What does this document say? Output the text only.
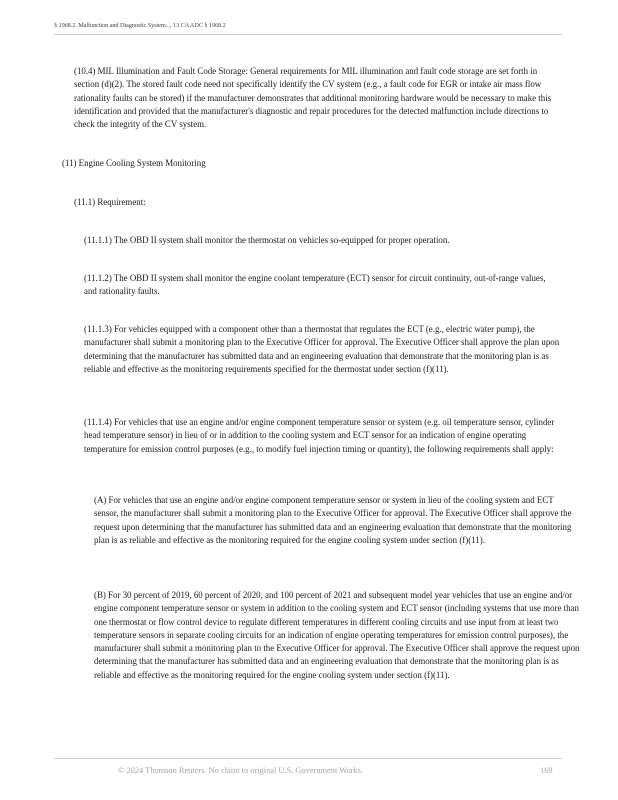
§ 1968.2. Malfunction and Diagnostic System..., 13 CA ADC § 1968.2

(10.4) MIL Illumination and Fault Code Storage: General requirements for MIL illumination and fault code storage are set forth in section (d)(2). The stored fault code need not specifically identify the CV system (e.g., a fault code for EGR or intake air mass flow rationality faults can be stored) if the manufacturer demonstrates that additional monitoring hardware would be necessary to make this identification and provided that the manufacturer's diagnostic and repair procedures for the detected malfunction include directions to check the integrity of the CV system.

(11) Engine Cooling System Monitoring

(11.1) Requirement:

(11.1.1) The OBD II system shall monitor the thermostat on vehicles so-equipped for proper operation.

(11.1.2) The OBD II system shall monitor the engine coolant temperature (ECT) sensor for circuit continuity, out-of-range values, and rationality faults.

(11.1.3) For vehicles equipped with a component other than a thermostat that regulates the ECT (e.g., electric water pump), the manufacturer shall submit a monitoring plan to the Executive Officer for approval. The Executive Officer shall approve the plan upon determining that the manufacturer has submitted data and an engineering evaluation that demonstrate that the monitoring plan is as reliable and effective as the monitoring requirements specified for the thermostat under section (f)(11).

(11.1.4) For vehicles that use an engine and/or engine component temperature sensor or system (e.g. oil temperature sensor, cylinder head temperature sensor) in lieu of or in addition to the cooling system and ECT sensor for an indication of engine operating temperature for emission control purposes (e.g., to modify fuel injection timing or quantity), the following requirements shall apply:

(A) For vehicles that use an engine and/or engine component temperature sensor or system in lieu of the cooling system and ECT sensor, the manufacturer shall submit a monitoring plan to the Executive Officer for approval. The Executive Officer shall approve the request upon determining that the manufacturer has submitted data and an engineering evaluation that demonstrate that the monitoring plan is as reliable and effective as the monitoring required for the engine cooling system under section (f)(11).

(B) For 30 percent of 2019, 60 percent of 2020, and 100 percent of 2021 and subsequent model year vehicles that use an engine and/or engine component temperature sensor or system in addition to the cooling system and ECT sensor (including systems that use more than one thermostat or flow control device to regulate different temperatures in different cooling circuits and use input from at least two temperature sensors in separate cooling circuits for an indication of engine operating temperatures for emission control purposes), the manufacturer shall submit a monitoring plan to the Executive Officer for approval. The Executive Officer shall approve the request upon determining that the manufacturer has submitted data and an engineering evaluation that demonstrate that the monitoring plan is as reliable and effective as the monitoring required for the engine cooling system under section (f)(11).

© 2024 Thomson Reuters. No claim to original U.S. Government Works.	169
